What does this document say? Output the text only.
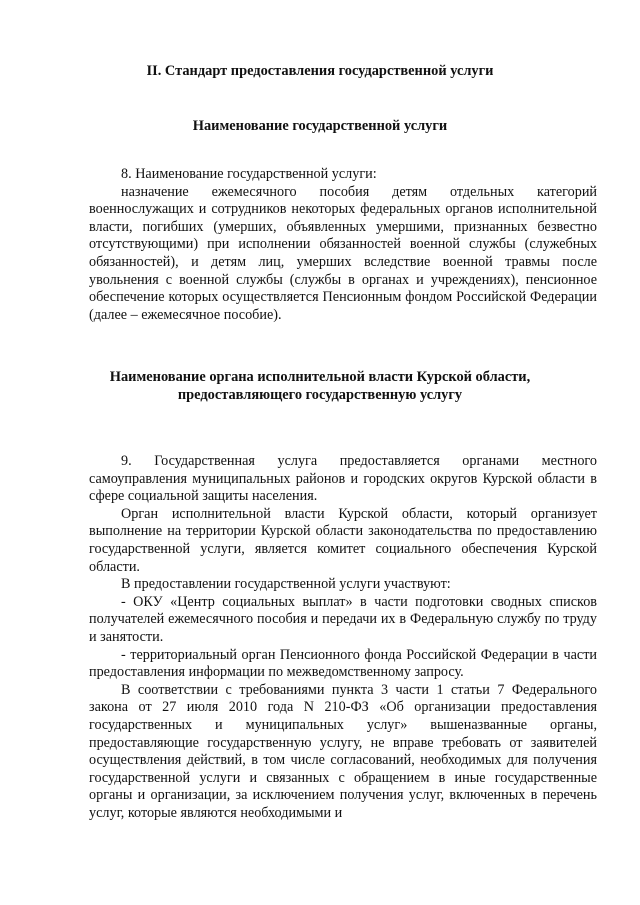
II. Стандарт предоставления государственной услуги
Наименование государственной услуги

8. Наименование государственной услуги:

назначение ежемесячного пособия детям отдельных категорий военнослужащих и сотрудников некоторых федеральных органов исполнительной власти, погибших (умерших, объявленных умершими, признанных безвестно отсутствующими) при исполнении обязанностей военной службы (служебных обязанностей), и детям лиц, умерших вследствие военной травмы после увольнения с военной службы (службы в органах и учреждениях), пенсионное обеспечение которых осуществляется Пенсионным фондом Российской Федерации (далее – ежемесячное пособие).

Наименование органа исполнительной власти Курской области,
предоставляющего государственную услугу

9. Государственная услуга предоставляется органами местного самоуправления муниципальных районов и городских округов Курской области в сфере социальной защиты населения.

Орган исполнительной власти Курской области, который организует выполнение на территории Курской области законодательства по предоставлению государственной услуги, является комитет социального обеспечения Курской области.

В предоставлении государственной услуги участвуют:

- ОКУ «Центр социальных выплат» в части подготовки сводных списков получателей ежемесячного пособия и передачи их в Федеральную службу по труду и занятости.

- территориальный орган Пенсионного фонда Российской Федерации в части предоставления информации по межведомственному запросу.

В соответствии с требованиями пункта 3 части 1 статьи 7 Федерального закона от 27 июля 2010 года N 210-ФЗ «Об организации предоставления государственных и муниципальных услуг» вышеназванные органы, предоставляющие государственную услугу, не вправе требовать от заявителей осуществления действий, в том числе согласований, необходимых для получения государственной услуги и связанных с обращением в иные государственные органы и организации, за исключением получения услуг, включенных в перечень услуг, которые являются необходимыми и
